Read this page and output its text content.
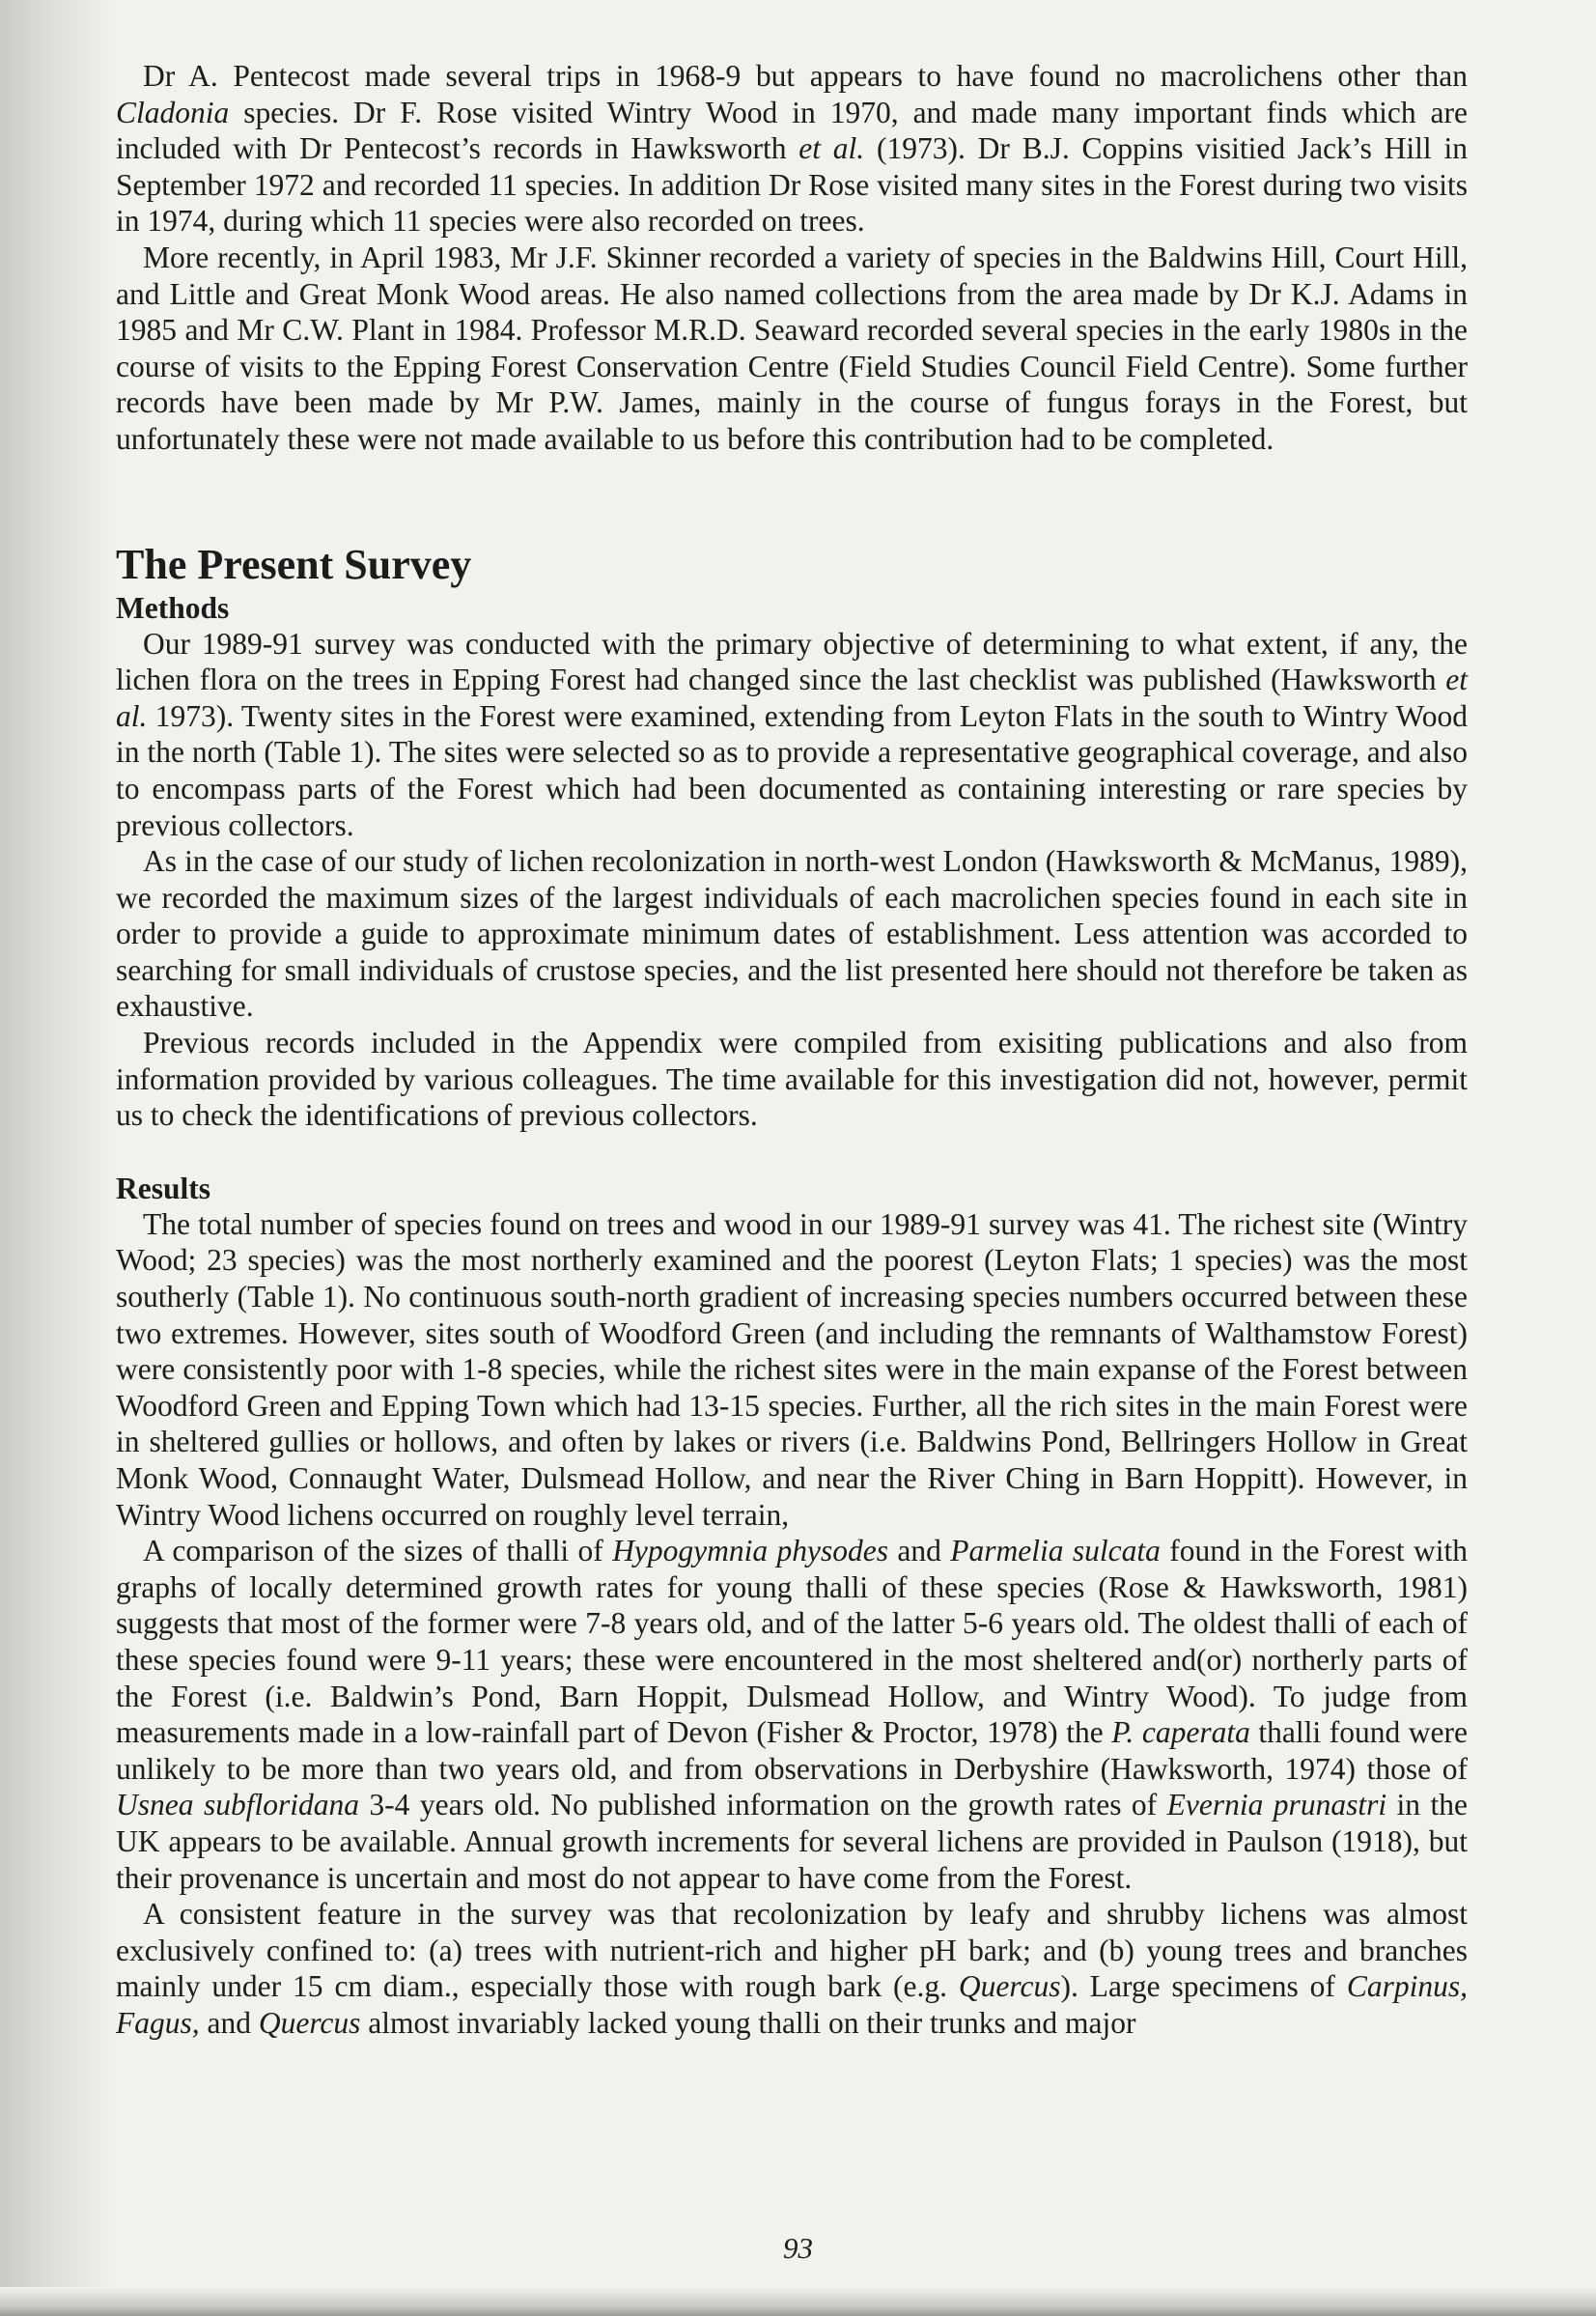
Dr A. Pentecost made several trips in 1968-9 but appears to have found no macrolichens other than Cladonia species. Dr F. Rose visited Wintry Wood in 1970, and made many important finds which are included with Dr Pentecost’s records in Hawksworth et al. (1973). Dr B.J. Coppins visitied Jack’s Hill in September 1972 and recorded 11 species. In addition Dr Rose visited many sites in the Forest during two visits in 1974, during which 11 species were also recorded on trees.

More recently, in April 1983, Mr J.F. Skinner recorded a variety of species in the Baldwins Hill, Court Hill, and Little and Great Monk Wood areas. He also named collections from the area made by Dr K.J. Adams in 1985 and Mr C.W. Plant in 1984. Professor M.R.D. Seaward recorded several species in the early 1980s in the course of visits to the Epping Forest Conservation Centre (Field Studies Council Field Centre). Some further records have been made by Mr P.W. James, mainly in the course of fungus forays in the Forest, but unfortunately these were not made available to us before this contribution had to be completed.

The Present Survey
Methods

Our 1989-91 survey was conducted with the primary objective of determining to what extent, if any, the lichen flora on the trees in Epping Forest had changed since the last checklist was published (Hawksworth et al. 1973). Twenty sites in the Forest were examined, extending from Leyton Flats in the south to Wintry Wood in the north (Table 1). The sites were selected so as to provide a representative geographical coverage, and also to encompass parts of the Forest which had been documented as containing interesting or rare species by previous collectors.

As in the case of our study of lichen recolonization in north-west London (Hawksworth & McManus, 1989), we recorded the maximum sizes of the largest individuals of each macrolichen species found in each site in order to provide a guide to approximate minimum dates of establishment. Less attention was accorded to searching for small individuals of crustose species, and the list presented here should not therefore be taken as exhaustive.

Previous records included in the Appendix were compiled from exisiting publications and also from information provided by various colleagues. The time available for this investigation did not, however, permit us to check the identifications of previous collectors.

Results

The total number of species found on trees and wood in our 1989-91 survey was 41. The richest site (Wintry Wood; 23 species) was the most northerly examined and the poorest (Leyton Flats; 1 species) was the most southerly (Table 1). No continuous south-north gradient of increasing species numbers occurred between these two extremes. However, sites south of Woodford Green (and including the remnants of Walthamstow Forest) were consistently poor with 1-8 species, while the richest sites were in the main expanse of the Forest between Woodford Green and Epping Town which had 13-15 species. Further, all the rich sites in the main Forest were in sheltered gullies or hollows, and often by lakes or rivers (i.e. Baldwins Pond, Bellringers Hollow in Great Monk Wood, Connaught Water, Dulsmead Hollow, and near the River Ching in Barn Hoppitt). However, in Wintry Wood lichens occurred on roughly level terrain,

A comparison of the sizes of thalli of Hypogymnia physodes and Parmelia sulcata found in the Forest with graphs of locally determined growth rates for young thalli of these species (Rose & Hawksworth, 1981) suggests that most of the former were 7-8 years old, and of the latter 5-6 years old. The oldest thalli of each of these species found were 9-11 years; these were encountered in the most sheltered and(or) northerly parts of the Forest (i.e. Baldwin’s Pond, Barn Hoppit, Dulsmead Hollow, and Wintry Wood). To judge from measurements made in a low-rainfall part of Devon (Fisher & Proctor, 1978) the P. caperata thalli found were unlikely to be more than two years old, and from observations in Derbyshire (Hawksworth, 1974) those of Usnea subfloridana 3-4 years old. No published information on the growth rates of Evernia prunastri in the UK appears to be available. Annual growth increments for several lichens are provided in Paulson (1918), but their provenance is uncertain and most do not appear to have come from the Forest.

A consistent feature in the survey was that recolonization by leafy and shrubby lichens was almost exclusively confined to: (a) trees with nutrient-rich and higher pH bark; and (b) young trees and branches mainly under 15 cm diam., especially those with rough bark (e.g. Quercus). Large specimens of Carpinus, Fagus, and Quercus almost invariably lacked young thalli on their trunks and major

93
